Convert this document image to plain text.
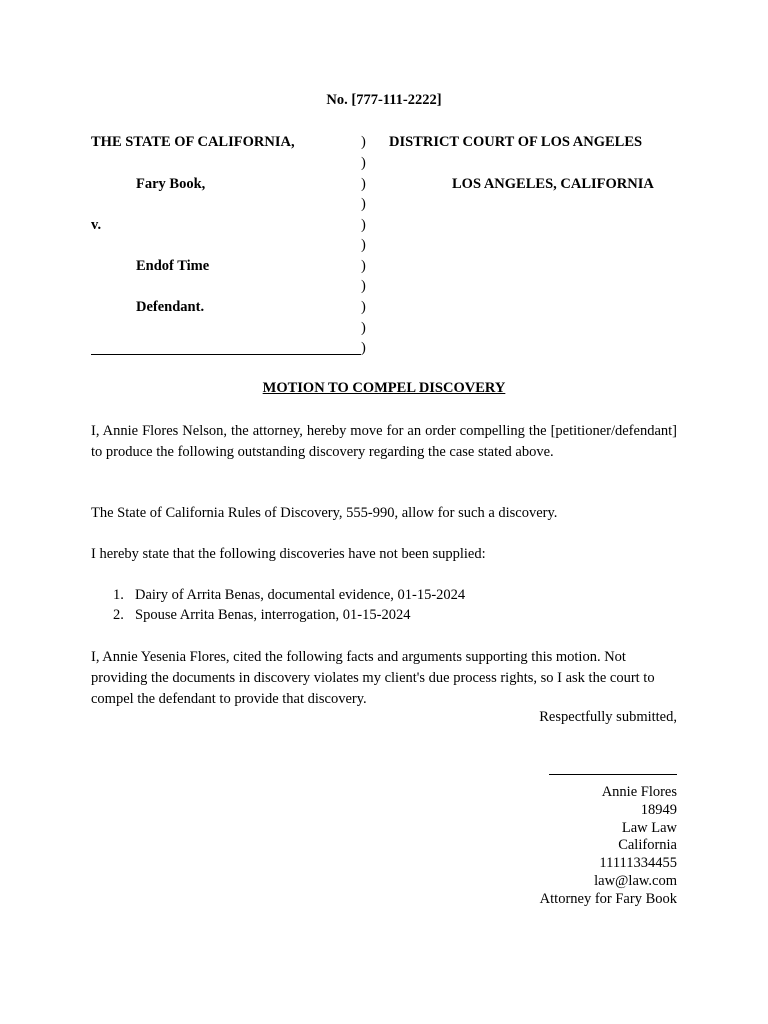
No. [777-111-2222]
THE STATE OF CALIFORNIA,
Fary Book,
v.
Endof Time
Defendant.
)
)
)
)
)
)
)
)
)
)
)
DISTRICT COURT OF LOS ANGELES
LOS ANGELES, CALIFORNIA
MOTION TO COMPEL DISCOVERY
I, Annie Flores Nelson, the attorney, hereby move for an order compelling the [petitioner/defendant] to produce the following outstanding discovery regarding the case stated above.
The State of California Rules of Discovery, 555-990, allow for such a discovery.
I hereby state that the following discoveries have not been supplied:
1. Dairy of Arrita Benas, documental evidence, 01-15-2024
2. Spouse Arrita Benas, interrogation, 01-15-2024
I, Annie Yesenia Flores, cited the following facts and arguments supporting this motion. Not providing the documents in discovery violates my client's due process rights, so I ask the court to compel the defendant to provide that discovery.
Respectfully submitted,
Annie Flores
18949
Law Law
California
11111334455
law@law.com
Attorney for Fary Book
